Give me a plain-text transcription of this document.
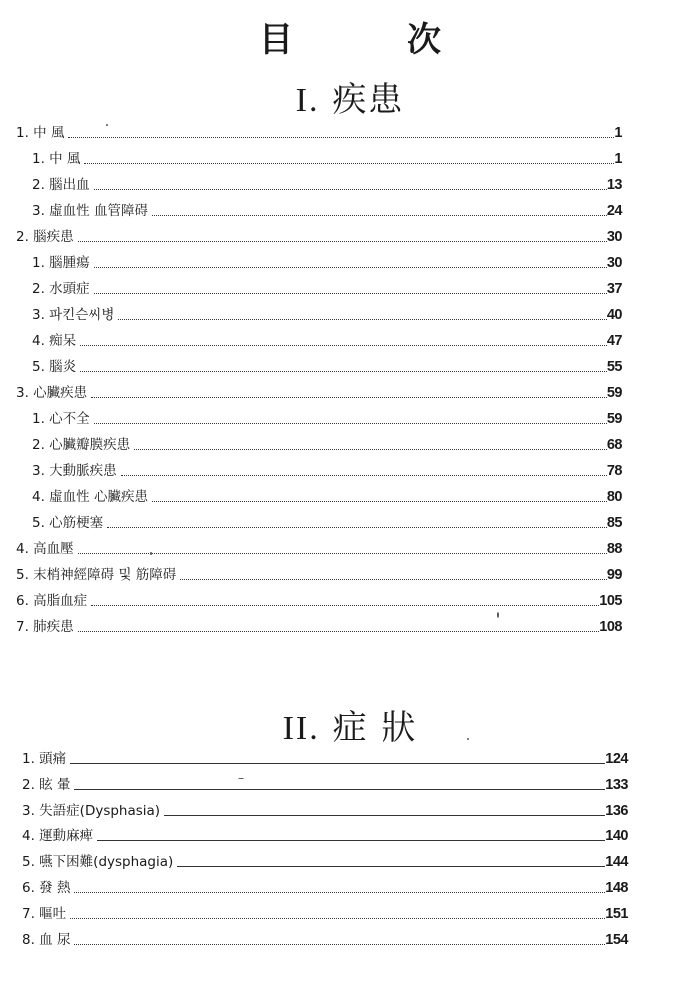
目　次
I. 疾患
1. 中 風	1
1. 中 風	1
2. 腦出血	13
3. 虛血性 血管障碍	24
2. 腦疾患	30
1. 腦腫瘍	30
2. 水頭症	37
3. 파킨슨씨병	40
4. 痴呆	47
5. 腦炎	55
3. 心臟疾患	59
1. 心不全	59
2. 心臟瓣膜疾患	68
3. 大動脈疾患	78
4. 虛血性 心臟疾患	80
5. 心筋梗塞	85
4. 高血壓	88
5. 末梢神經障碍 및 筋障碍	99
6. 高脂血症	105
7. 肺疾患	108
II. 症 狀
1. 頭痛	124
2. 眩 暈	133
3. 失語症(Dysphasia)	136
4. 運動麻痺	140
5. 嚥下困難(dysphagia)	144
6. 發 熱	148
7. 嘔吐	151
8. 血 尿	154
